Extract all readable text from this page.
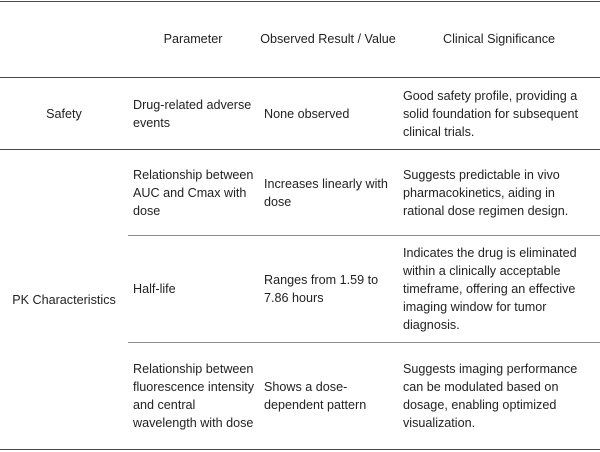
Parameter	Observed Result / Value	Clinical Significance
Safety
Drug-related adverse events
None observed
Good safety profile, providing a solid foundation for subsequent clinical trials.
PK Characteristics
Relationship between AUC and Cmax with dose
Increases linearly with dose
Suggests predictable in vivo pharmacokinetics, aiding in rational dose regimen design.
Half-life
Ranges from 1.59 to 7.86 hours
Indicates the drug is eliminated within a clinically acceptable timeframe, offering an effective imaging window for tumor diagnosis.
Relationship between fluorescence intensity and central wavelength with dose
Shows a dose-dependent pattern
Suggests imaging performance can be modulated based on dosage, enabling optimized visualization.
